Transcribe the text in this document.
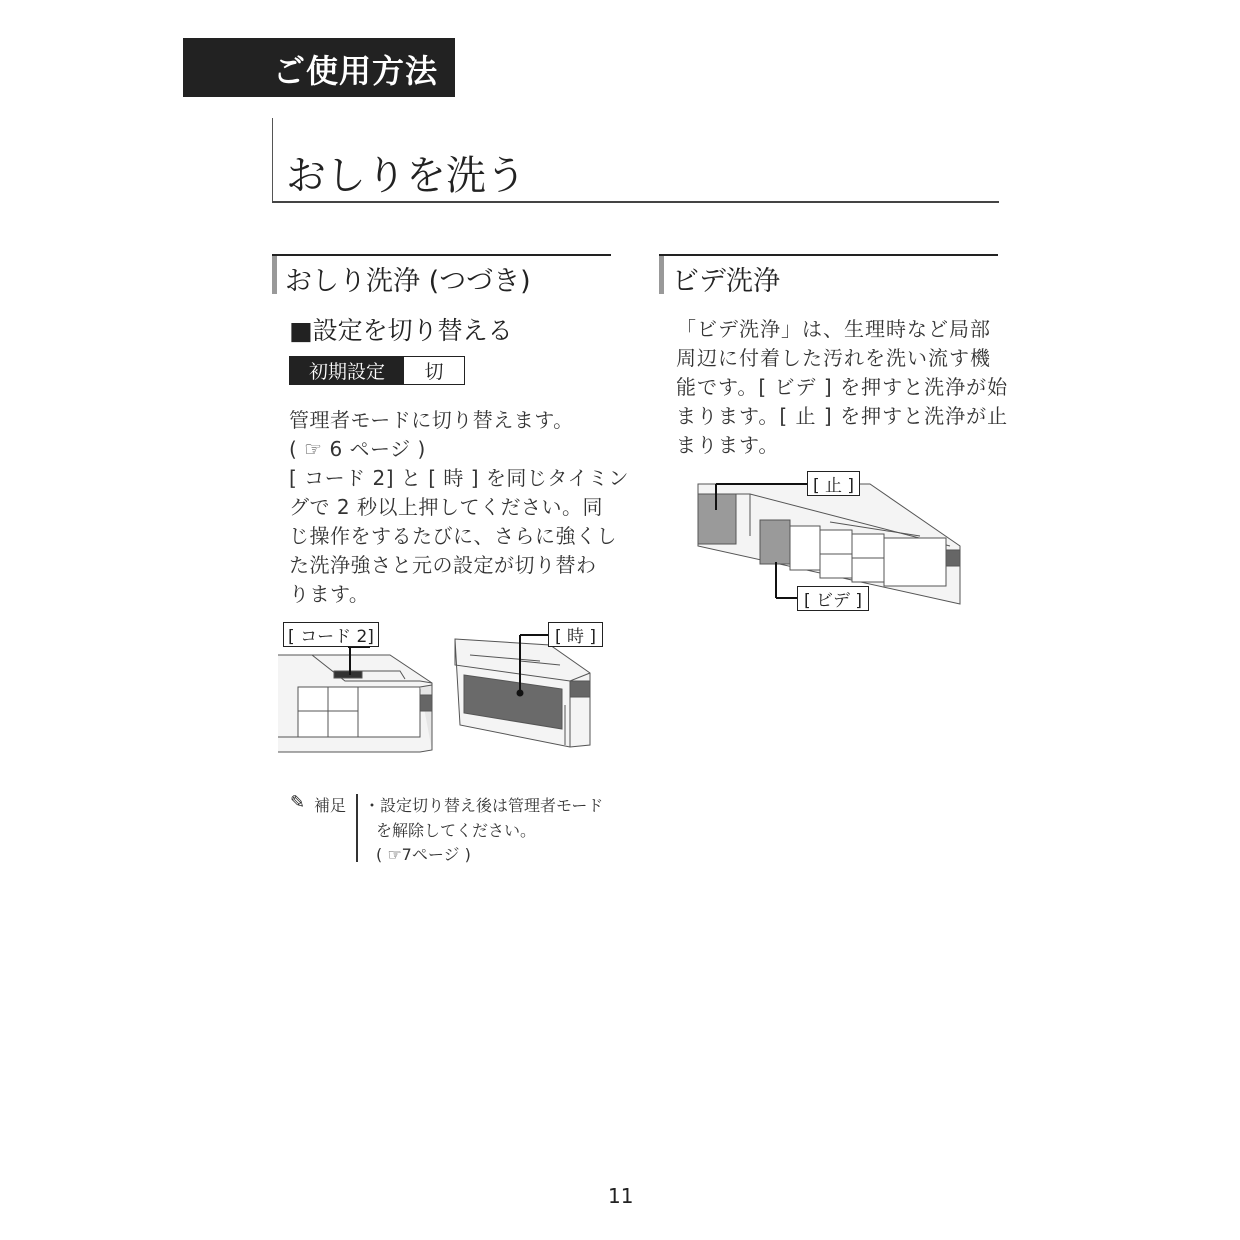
ご使用方法
おしりを洗う
おしり洗浄 (つづき)	ビデ洗浄
■設定を切り替える
初期設定	切
管理者モードに切り替えます。
( ☞ 6 ページ )
[ コード 2] と [ 時 ] を同じタイミン
グで 2 秒以上押してください。同
じ操作をするたびに、さらに強くし
た洗浄強さと元の設定が切り替わ
ります。
[ コード 2]	[ 時 ]
✎ 補足 ・設定切り替え後は管理者モード
を解除してください。
( ☞7ページ )
「ビデ洗浄」は、生理時など局部
周辺に付着した汚れを洗い流す機
能です。[ ビデ ] を押すと洗浄が始
まります。[ 止 ] を押すと洗浄が止
まります。
[ 止 ]
[ ビデ ]
11
